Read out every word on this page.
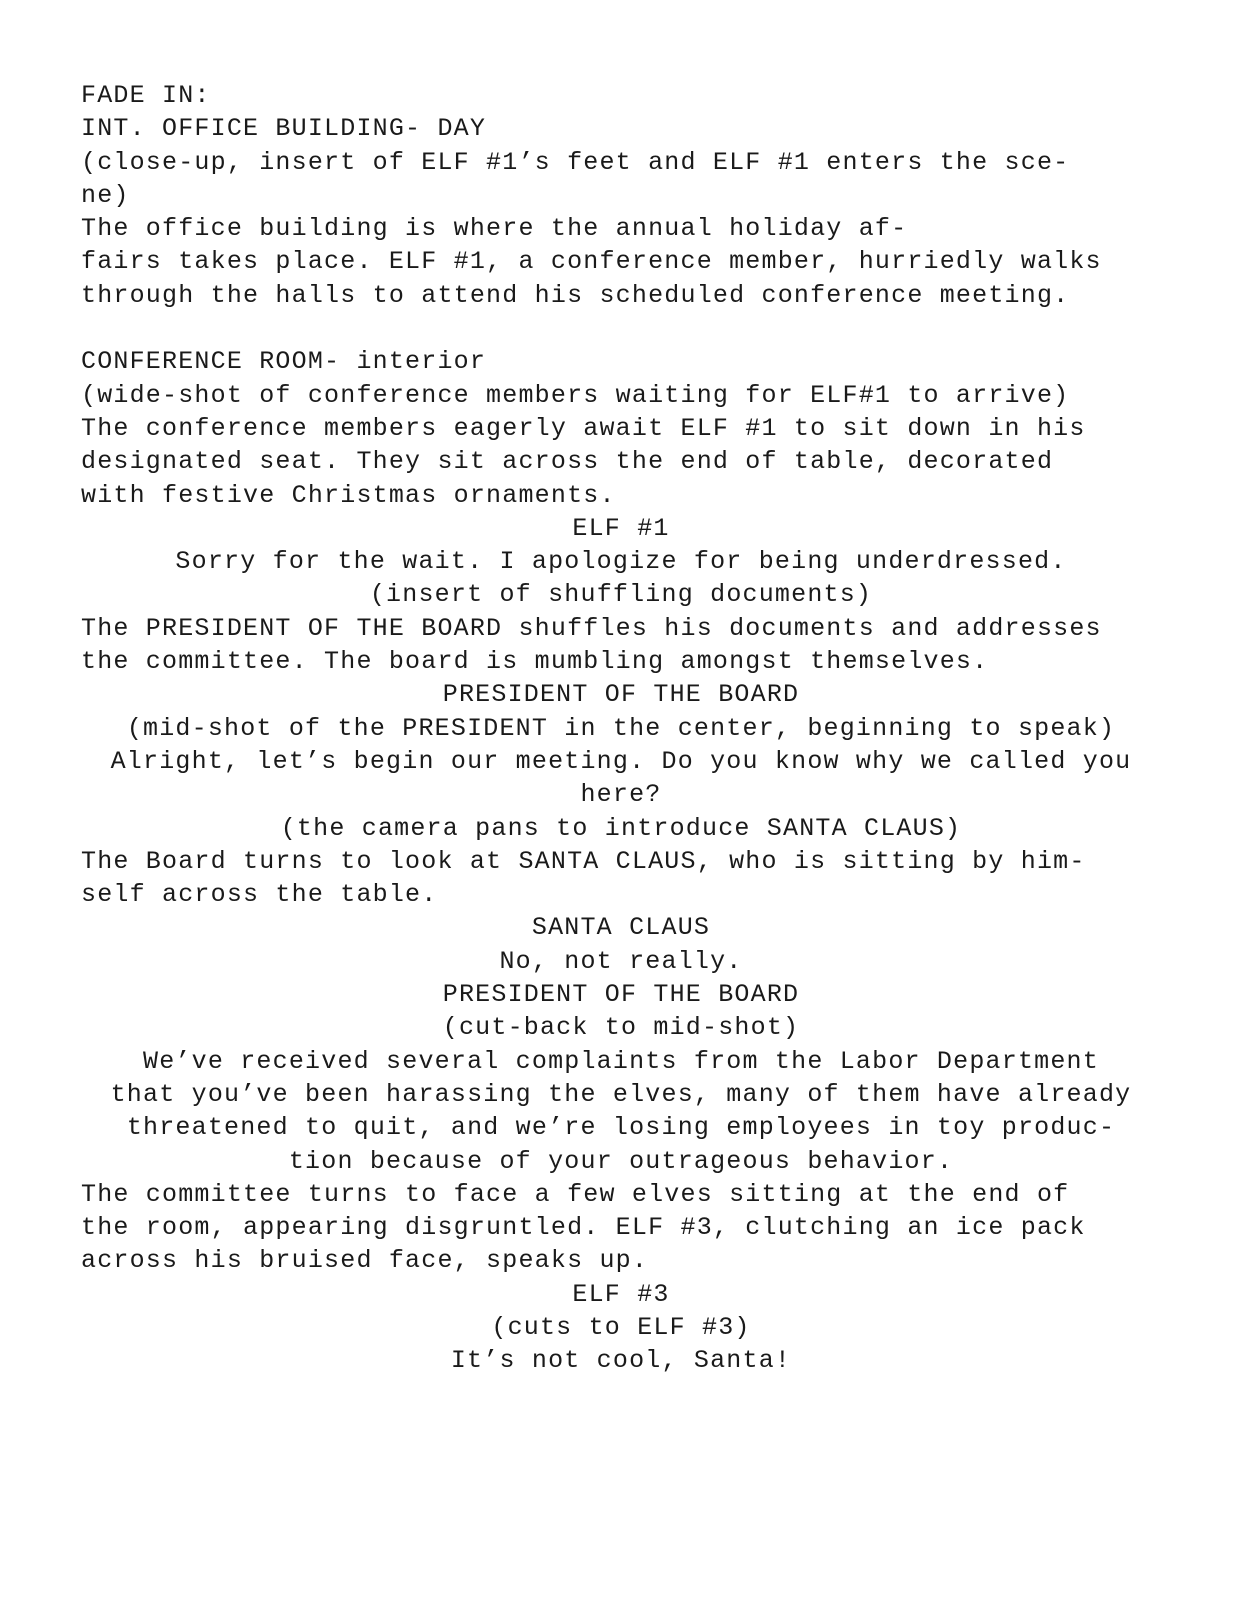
FADE IN:
INT. OFFICE BUILDING- DAY
(close-up, insert of ELF #1’s feet and ELF #1 enters the sce-
ne)
The office building is where the annual holiday af-
fairs takes place. ELF #1, a conference member, hurriedly walks
through the halls to attend his scheduled conference meeting.
CONFERENCE ROOM- interior
(wide-shot of conference members waiting for ELF#1 to arrive)
The conference members eagerly await ELF #1 to sit down in his
designated seat. They sit across the end of table, decorated
with festive Christmas ornaments.
ELF #1
Sorry for the wait. I apologize for being underdressed.
(insert of shuffling documents)
The PRESIDENT OF THE BOARD shuffles his documents and addresses
the committee. The board is mumbling amongst themselves.
PRESIDENT OF THE BOARD
(mid-shot of the PRESIDENT in the center, beginning to speak)
Alright, let’s begin our meeting. Do you know why we called you
here?
(the camera pans to introduce SANTA CLAUS)
The Board turns to look at SANTA CLAUS, who is sitting by him-
self across the table.
SANTA CLAUS
No, not really.
PRESIDENT OF THE BOARD
(cut-back to mid-shot)
We’ve received several complaints from the Labor Department
that you’ve been harassing the elves, many of them have already
threatened to quit, and we’re losing employees in toy produc-
tion because of your outrageous behavior.
The committee turns to face a few elves sitting at the end of
the room, appearing disgruntled. ELF #3, clutching an ice pack
across his bruised face, speaks up.
ELF #3
(cuts to ELF #3)
It’s not cool, Santa!
